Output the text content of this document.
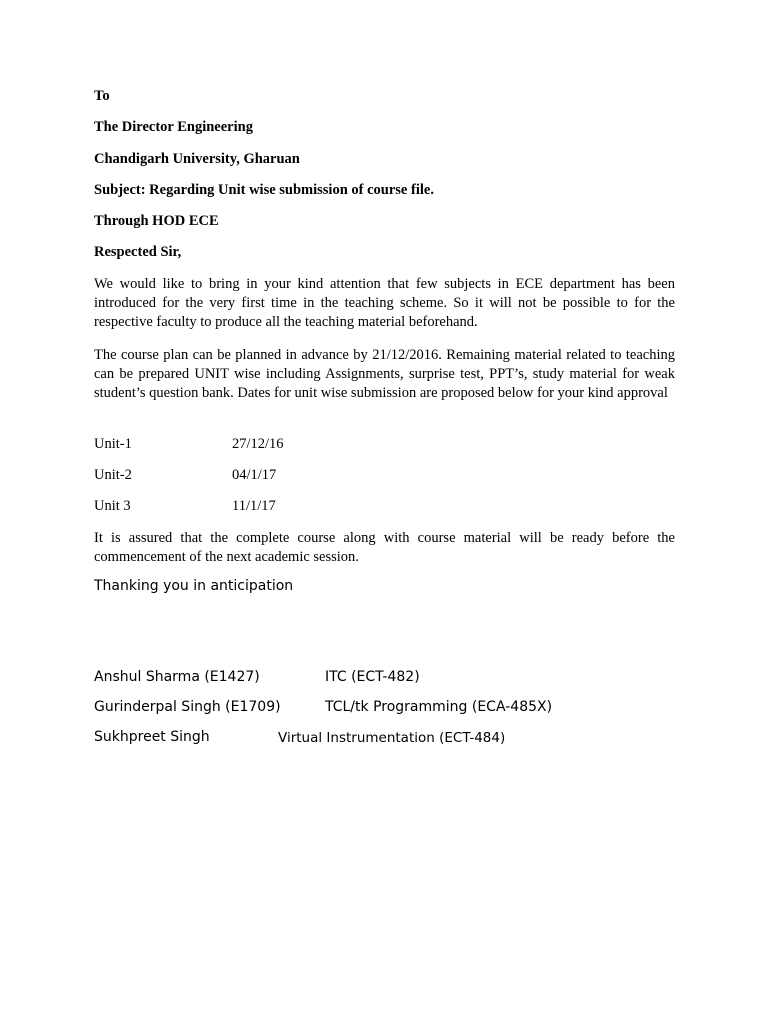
To
The Director Engineering
Chandigarh University, Gharuan
Subject: Regarding Unit wise submission of course file.
Through HOD ECE
Respected Sir,
We would like to bring in your kind attention that few subjects in ECE department has been introduced for the very first time in the teaching scheme. So it will not be possible to for the respective faculty to produce all the teaching material beforehand.
The course plan can be planned in advance by 21/12/2016. Remaining material related to teaching can be prepared UNIT wise including Assignments, surprise test, PPT’s, study material for weak student’s question bank. Dates for unit wise submission are proposed below for your kind approval
Unit-1	27/12/16
Unit-2	04/1/17
Unit 3	11/1/17
It is assured that the complete course along with course material will be ready before the commencement of the next academic session.
Thanking you in anticipation
Anshul Sharma (E1427)	ITC (ECT-482)
Gurinderpal Singh (E1709)	TCL/tk Programming (ECA-485X)
Sukhpreet Singh	Virtual Instrumentation (ECT-484)
